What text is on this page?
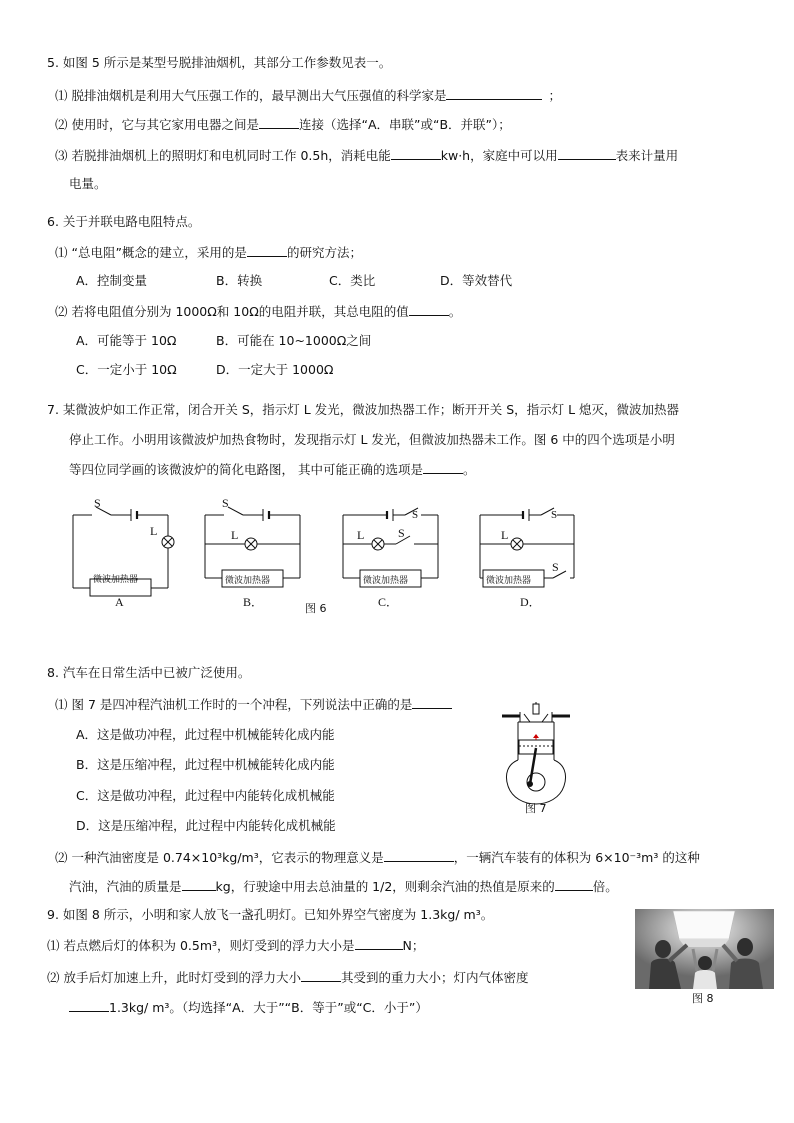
5. 如图 5 所示是某型号脱排油烟机，其部分工作参数见表一。
⑴ 脱排油烟机是利用大气压强工作的，最早测出大气压强值的科学家是	；
⑵ 使用时，它与其它家用电器之间是	连接（选择“A．串联”或“B．并联”）；
⑶ 若脱排油烟机上的照明灯和电机同时工作 0.5h，消耗电能	kw·h，家庭中可以用	表来计量用
电量。
6. 关于并联电路电阻特点。
⑴ “总电阻”概念的建立，采用的是	的研究方法；
A．控制变量	B．转换	C．类比	D．等效替代
⑵ 若将电阻值分别为 1000Ω和 10Ω的电阻并联，其总电阻的值	。
A．可能等于 10Ω	B．可能在 10~1000Ω之间
C．一定小于 10Ω	D．一定大于 1000Ω
7. 某微波炉如工作正常，闭合开关 S，指示灯 L 发光，微波加热器工作；断开开关 S，指示灯 L 熄灭，微波加热器
停止工作。小明用该微波炉加热食物时，发现指示灯 L 发光，但微波加热器未工作。图 6 中的四个选项是小明
等四位同学画的该微波炉的简化电路图， 其中可能正确的选项是	。
S
L
S
L
S
L	S
S
L
S
微波加热器	微波加热器	微波加热器	微波加热器
A	B．	C．	D．
图 6
8. 汽车在日常生活中已被广泛使用。
⑴ 图 7 是四冲程汽油机工作时的一个冲程，下列说法中正确的是
A．这是做功冲程，此过程中机械能转化成内能
B．这是压缩冲程，此过程中机械能转化成内能
C．这是做功冲程，此过程中内能转化成机械能
D．这是压缩冲程，此过程中内能转化成机械能
图 7
⑵ 一种汽油密度是 0.74×10³kg/m³，它表示的物理意义是	，一辆汽车装有的体积为 6×10⁻³m³ 的这种
汽油，汽油的质量是	kg，行驶途中用去总油量的 1/2，则剩余汽油的热值是原来的	倍。
9. 如图 8 所示，小明和家人放飞一盏孔明灯。已知外界空气密度为 1.3kg/ m³。
⑴ 若点燃后灯的体积为 0.5m³，则灯受到的浮力大小是	N；
⑵ 放手后灯加速上升，此时灯受到的浮力大小	其受到的重力大小；灯内气体密度
1.3kg/ m³。（均选择“A．大于”“B．等于”或“C．小于”）
图 8
